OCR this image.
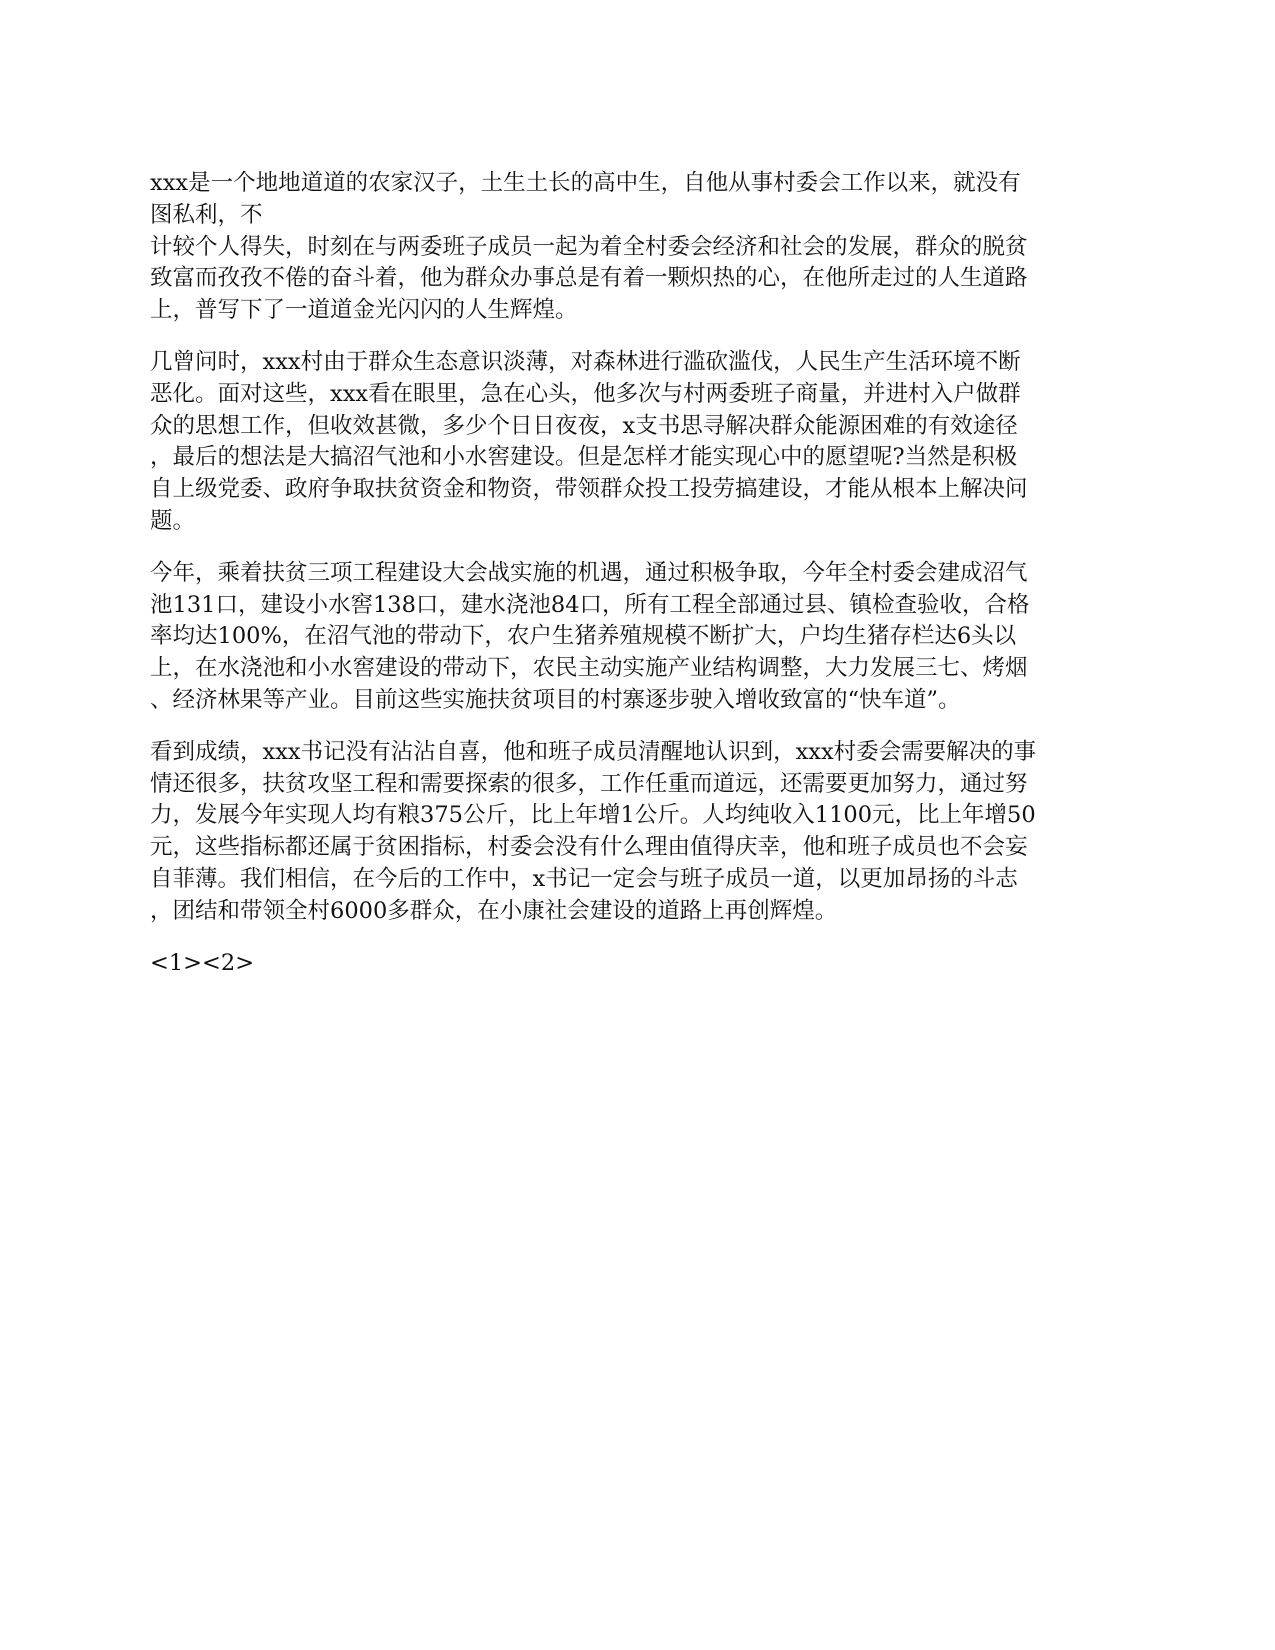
xxx是一个地地道道的农家汉子，土生土长的高中生，自他从事村委会工作以来，就没有
图私利，不
计较个人得失，时刻在与两委班子成员一起为着全村委会经济和社会的发展，群众的脱贫
致富而孜孜不倦的奋斗着，他为群众办事总是有着一颗炽热的心，在他所走过的人生道路
上，普写下了一道道金光闪闪的人生辉煌。
几曾问时，xxx村由于群众生态意识淡薄，对森林进行滥砍滥伐，人民生产生活环境不断
恶化。面对这些，xxx看在眼里，急在心头，他多次与村两委班子商量，并进村入户做群
众的思想工作，但收效甚微，多少个日日夜夜，x支书思寻解决群众能源困难的有效途径
，最后的想法是大搞沼气池和小水窖建设。但是怎样才能实现心中的愿望呢?当然是积极
自上级党委、政府争取扶贫资金和物资，带领群众投工投劳搞建设，才能从根本上解决问
题。
今年，乘着扶贫三项工程建设大会战实施的机遇，通过积极争取，今年全村委会建成沼气
池131口，建设小水窖138口，建水浇池84口，所有工程全部通过县、镇检查验收，合格
率均达100%，在沼气池的带动下，农户生猪养殖规模不断扩大，户均生猪存栏达6头以
上，在水浇池和小水窖建设的带动下，农民主动实施产业结构调整，大力发展三七、烤烟
、经济林果等产业。目前这些实施扶贫项目的村寨逐步驶入增收致富的“快车道”。
看到成绩，xxx书记没有沾沾自喜，他和班子成员清醒地认识到，xxx村委会需要解决的事
情还很多，扶贫攻坚工程和需要探索的很多，工作任重而道远，还需要更加努力，通过努
力，发展今年实现人均有粮375公斤，比上年增1公斤。人均纯收入1100元，比上年增50
元，这些指标都还属于贫困指标，村委会没有什么理由值得庆幸，他和班子成员也不会妄
自菲薄。我们相信，在今后的工作中，x书记一定会与班子成员一道，以更加昂扬的斗志
，团结和带领全村6000多群众，在小康社会建设的道路上再创辉煌。
<1><2>
